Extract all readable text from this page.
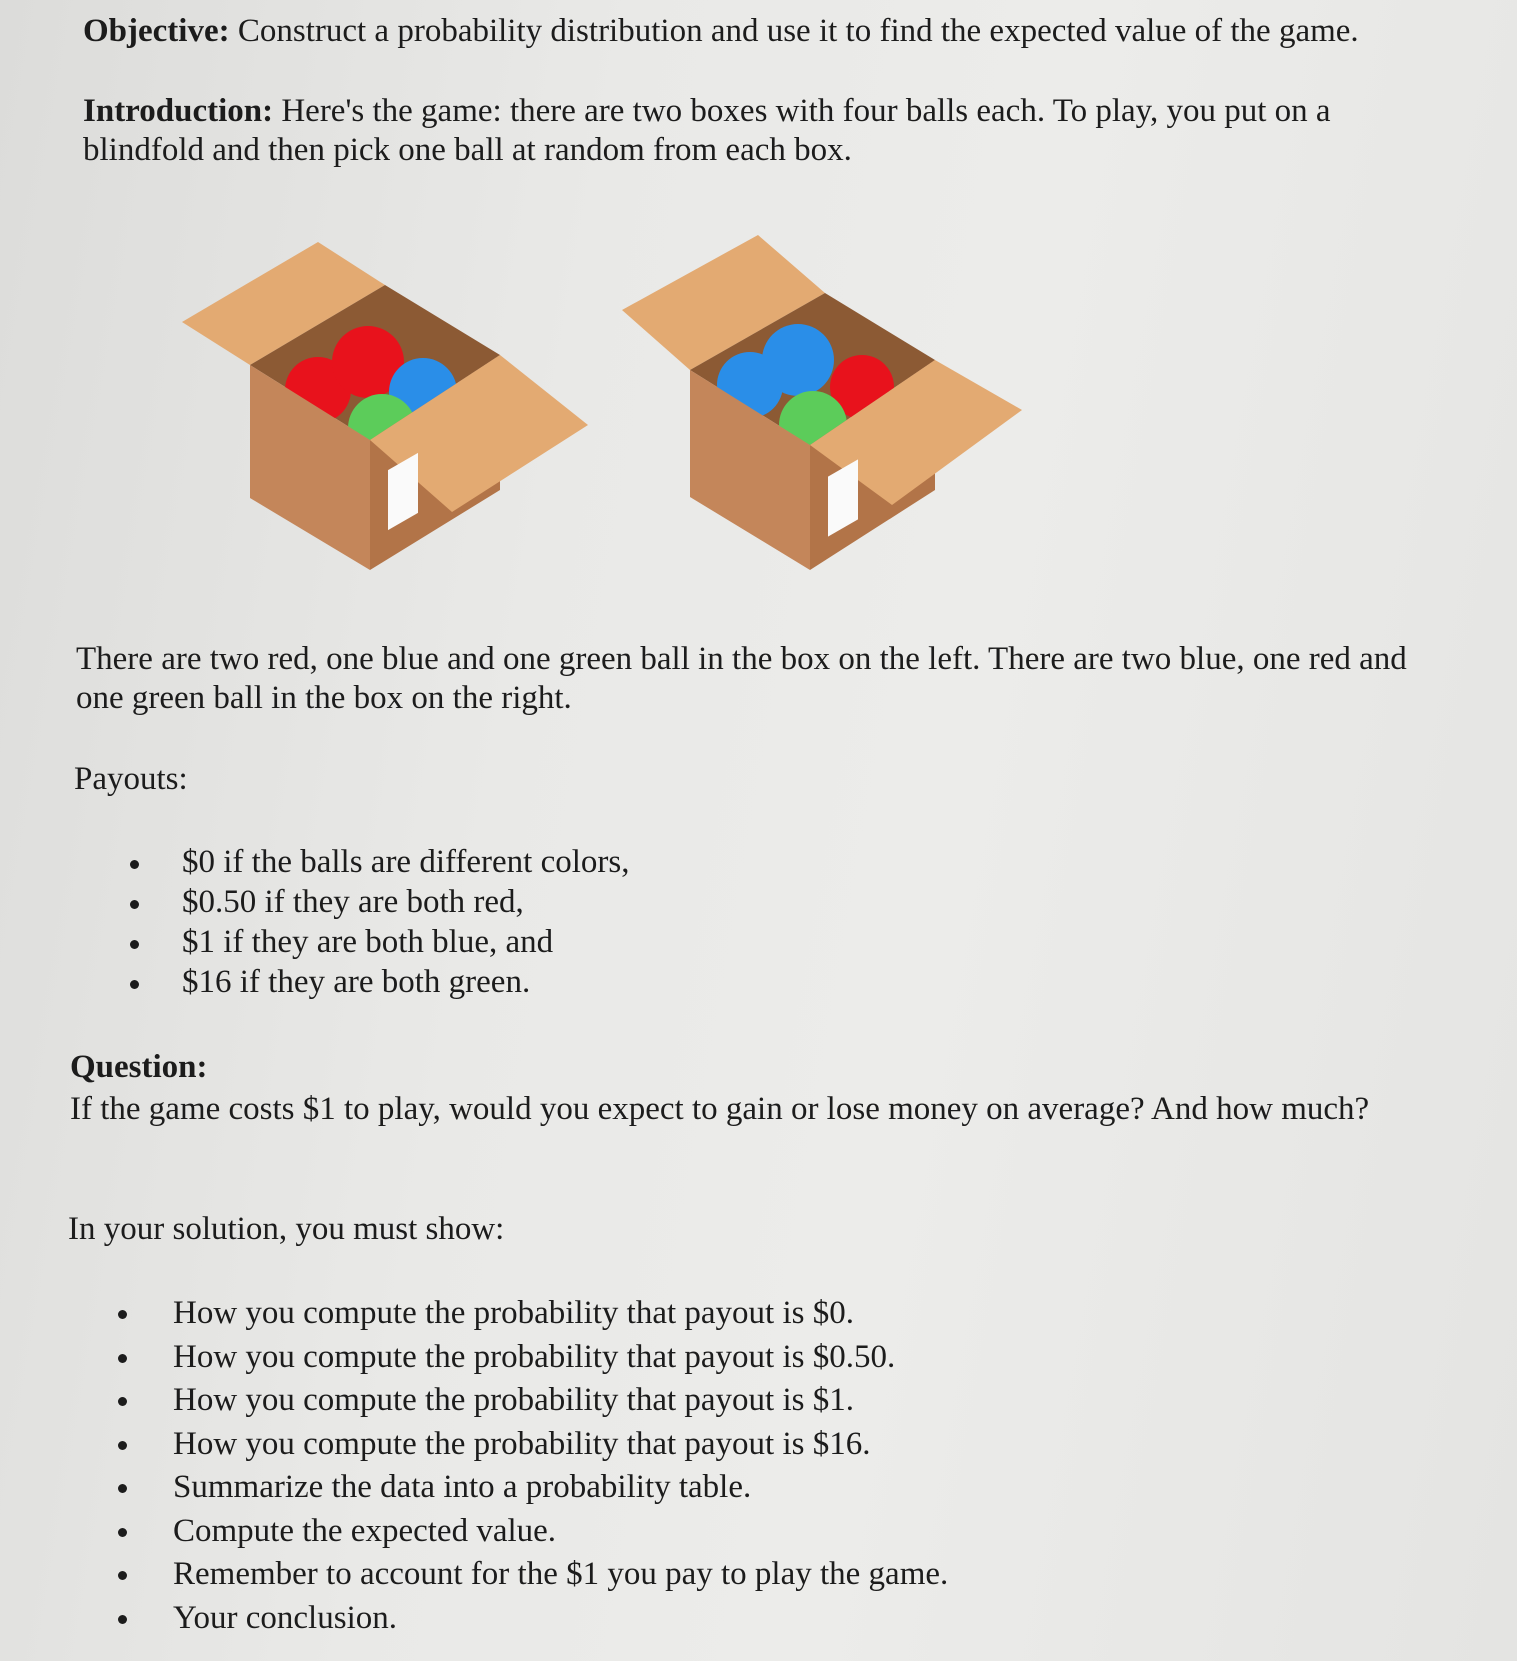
Objective: Construct a probability distribution and use it to find the expected value of the game.

Introduction: Here's the game: there are two boxes with four balls each. To play, you put on a blindfold and then pick one ball at random from each box.

There are two red, one blue and one green ball in the box on the left. There are two blue, one red and one green ball in the box on the right.

Payouts:

$0 if the balls are different colors,
$0.50 if they are both red,
$1 if they are both blue, and
$16 if they are both green.

Question:

If the game costs $1 to play, would you expect to gain or lose money on average? And how much?

In your solution, you must show:

How you compute the probability that payout is $0.
How you compute the probability that payout is $0.50.
How you compute the probability that payout is $1.
How you compute the probability that payout is $16.
Summarize the data into a probability table.
Compute the expected value.
Remember to account for the $1 you pay to play the game.
Your conclusion.
